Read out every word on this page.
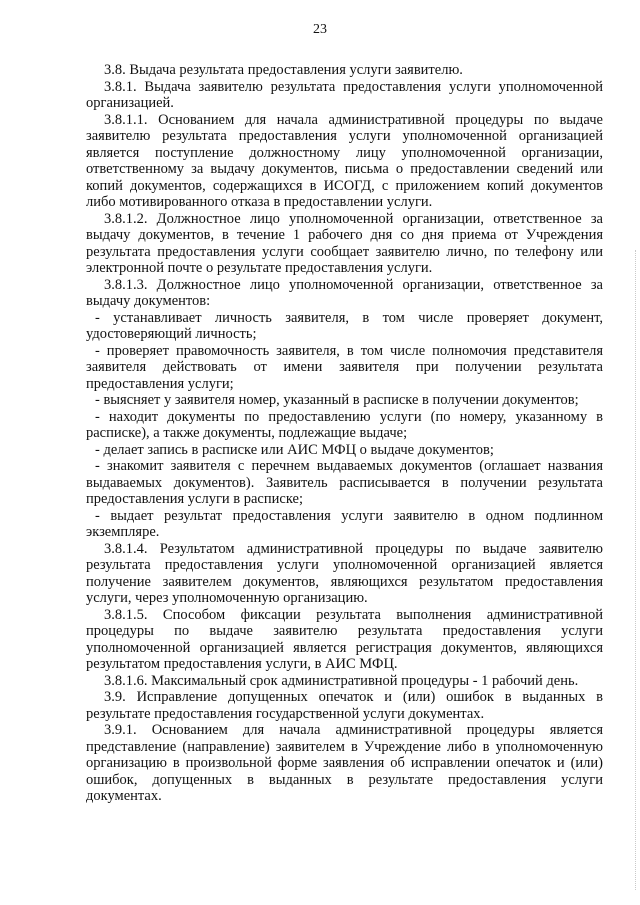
23

3.8. Выдача результата предоставления услуги заявителю.

3.8.1. Выдача заявителю результата предоставления услуги уполномоченной организацией.

3.8.1.1. Основанием для начала административной процедуры по выдаче заявителю результата предоставления услуги уполномоченной организацией является поступление должностному лицу уполномоченной организации, ответственному за выдачу документов, письма о предоставлении сведений или копий документов, содержащихся в ИСОГД, с приложением копий документов либо мотивированного отказа в предоставлении услуги.

3.8.1.2. Должностное лицо уполномоченной организации, ответственное за выдачу документов, в течение 1 рабочего дня со дня приема от Учреждения результата предоставления услуги сообщает заявителю лично, по телефону или электронной почте о результате предоставления услуги.

3.8.1.3. Должностное лицо уполномоченной организации, ответственное за выдачу документов:

- устанавливает личность заявителя, в том числе проверяет документ, удостоверяющий личность;

- проверяет правомочность заявителя, в том числе полномочия представителя заявителя действовать от имени заявителя при получении результата предоставления услуги;

- выясняет у заявителя номер, указанный в расписке в получении документов;

- находит документы по предоставлению услуги (по номеру, указанному в расписке), а также документы, подлежащие выдаче;

- делает запись в расписке или АИС МФЦ о выдаче документов;

- знакомит заявителя с перечнем выдаваемых документов (оглашает названия выдаваемых документов). Заявитель расписывается в получении результата предоставления услуги в расписке;

- выдает результат предоставления услуги заявителю в одном подлинном экземпляре.

3.8.1.4. Результатом административной процедуры по выдаче заявителю результата предоставления услуги уполномоченной организацией является получение заявителем документов, являющихся результатом предоставления услуги, через уполномоченную организацию.

3.8.1.5. Способом фиксации результата выполнения административной процедуры по выдаче заявителю результата предоставления услуги уполномоченной организацией является регистрация документов, являющихся результатом предоставления услуги, в АИС МФЦ.

3.8.1.6. Максимальный срок административной процедуры - 1 рабочий день.

3.9. Исправление допущенных опечаток и (или) ошибок в выданных в результате предоставления государственной услуги документах.

3.9.1. Основанием для начала административной процедуры является представление (направление) заявителем в Учреждение либо в уполномоченную организацию в произвольной форме заявления об исправлении опечаток и (или) ошибок, допущенных в выданных в результате предоставления услуги документах.
